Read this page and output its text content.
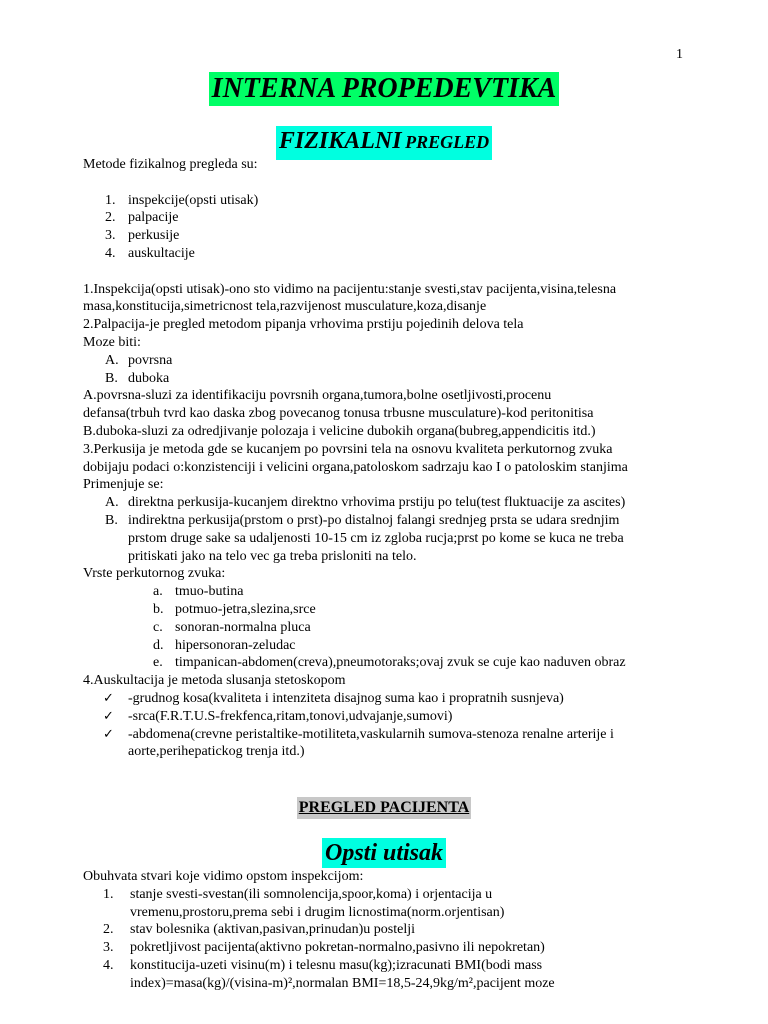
1
INTERNA PROPEDEVTIKA
FIZIKALNI PREGLED
Metode fizikalnog pregleda su:
1. inspekcije(opsti utisak)
2. palpacije
3. perkusije
4. auskultacije
1.Inspekcija(opsti utisak)-ono sto vidimo na pacijentu:stanje svesti,stav pacijenta,visina,telesna
masa,konstitucija,simetricnost tela,razvijenost musculature,koza,disanje
2.Palpacija-je pregled metodom pipanja vrhovima prstiju pojedinih delova tela
Moze biti:
A. povrsna
B. duboka
A.povrsna-sluzi za identifikaciju povrsnih organa,tumora,bolne osetljivosti,procenu
defansa(trbuh tvrd kao daska zbog povecanog tonusa trbusne musculature)-kod peritonitisa
B.duboka-sluzi za odredjivanje polozaja i velicine dubokih organa(bubreg,appendicitis itd.)
3.Perkusija je metoda gde se kucanjem po povrsini tela na osnovu kvaliteta perkutornog zvuka
dobijaju podaci o:konzistenciji i velicini organa,patoloskom sadrzaju kao I o patoloskim stanjima
Primenjuje se:
A. direktna perkusija-kucanjem direktno vrhovima prstiju po telu(test fluktuacije za ascites)
B. indirektna perkusija(prstom o prst)-po distalnoj falangi srednjeg prsta se udara srednjim
prstom druge sake sa udaljenosti 10-15 cm iz zgloba rucja;prst po kome se kuca ne treba
pritiskati jako na telo vec ga treba prisloniti na telo.
Vrste perkutornog zvuka:
a. tmuo-butina
b. potmuo-jetra,slezina,srce
c. sonoran-normalna pluca
d. hipersonoran-zeludac
e. timpanican-abdomen(creva),pneumotoraks;ovaj zvuk se cuje kao naduven obraz
4.Auskultacija je metoda slusanja stetoskopom
✓ -grudnog kosa(kvaliteta i intenziteta disajnog suma kao i propratnih susnjeva)
✓ -srca(F.R.T.U.S-frekfenca,ritam,tonovi,udvajanje,sumovi)
✓ -abdomena(crevne peristaltike-motiliteta,vaskularnih sumova-stenoza renalne arterije i
aorte,perihepatickog trenja itd.)
PREGLED PACIJENTA
Opsti utisak
Obuhvata stvari koje vidimo opstom inspekcijom:
1. stanje svesti-svestan(ili somnolencija,spoor,koma) i orjentacija u
vremenu,prostoru,prema sebi i drugim licnostima(norm.orjentisan)
2. stav bolesnika (aktivan,pasivan,prinudan)u postelji
3. pokretljivost pacijenta(aktivno pokretan-normalno,pasivno ili nepokretan)
4. konstitucija-uzeti visinu(m) i telesnu masu(kg);izracunati BMI(bodi mass
index)=masa(kg)/(visina-m)²,normalan BMI=18,5-24,9kg/m²,pacijent moze
